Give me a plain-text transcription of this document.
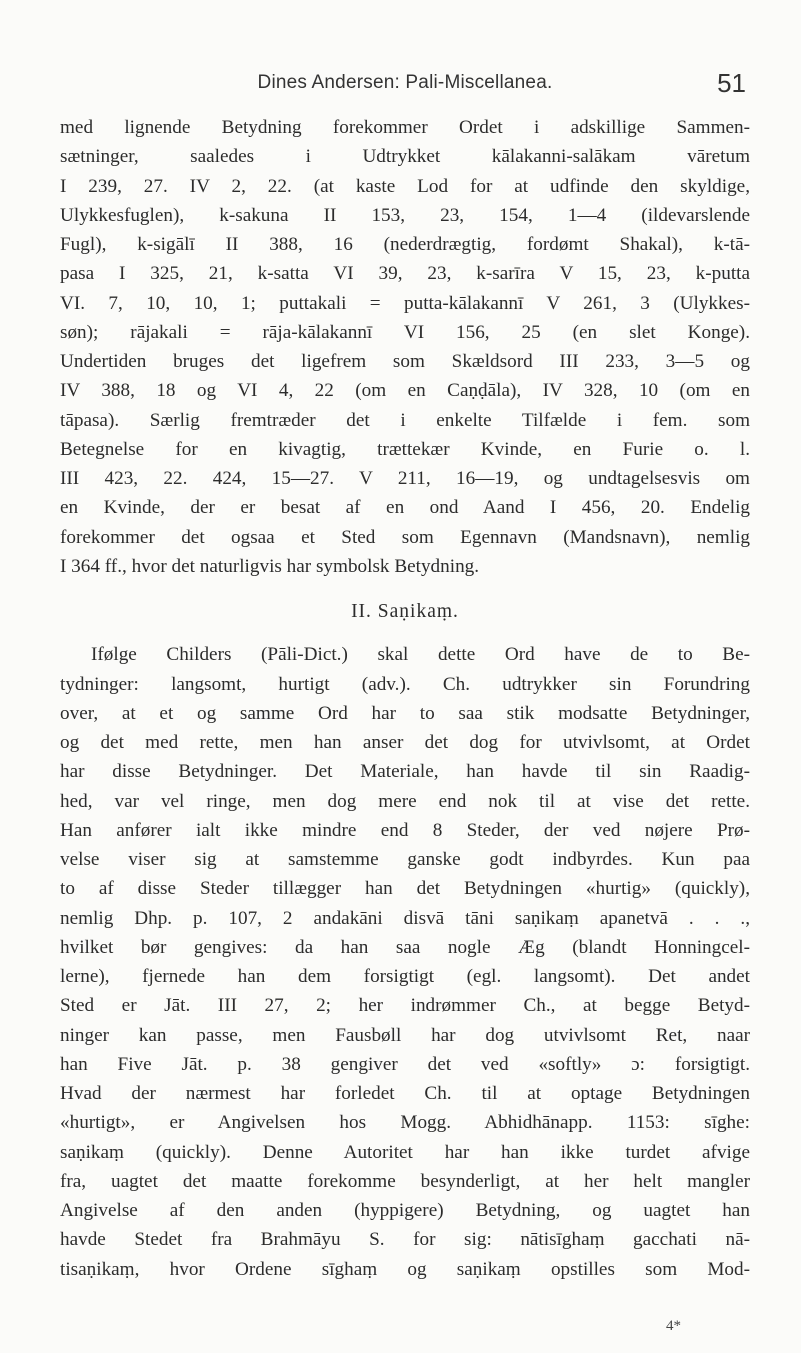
Dines Andersen: Pali-Miscellanea.	51
med lignende Betydning forekommer Ordet i adskillige Sammen-
sætninger, saaledes i Udtrykket kālakanni-salākam vāretum
I 239, 27. IV 2, 22. (at kaste Lod for at udfinde den skyldige,
Ulykkesfuglen), k-sakuna II 153, 23, 154, 1—4 (ildevarslende
Fugl), k-sigālī II 388, 16 (nederdrægtig, fordømt Shakal), k-tā-
pasa I 325, 21, k-satta VI 39, 23, k-sarīra V 15, 23, k-putta
VI. 7, 10, 10, 1; puttakali = putta-kālakannī V 261, 3 (Ulykkes-
søn); rājakali = rāja-kālakannī VI 156, 25 (en slet Konge).
Undertiden bruges det ligefrem som Skældsord III 233, 3—5 og
IV 388, 18 og VI 4, 22 (om en Caṇḍāla), IV 328, 10 (om en
tāpasa). Særlig fremtræder det i enkelte Tilfælde i fem. som
Betegnelse for en kivagtig, trættekær Kvinde, en Furie o. l.
III 423, 22. 424, 15—27. V 211, 16—19, og undtagelsesvis om
en Kvinde, der er besat af en ond Aand I 456, 20. Endelig
forekommer det ogsaa et Sted som Egennavn (Mandsnavn), nemlig
I 364 ff., hvor det naturligvis har symbolsk Betydning.
II. Saṇikaṃ.
Ifølge Childers (Pāli-Dict.) skal dette Ord have de to Be-
tydninger: langsomt, hurtigt (adv.). Ch. udtrykker sin Forundring
over, at et og samme Ord har to saa stik modsatte Betydninger,
og det med rette, men han anser det dog for utvivlsomt, at Ordet
har disse Betydninger. Det Materiale, han havde til sin Raadig-
hed, var vel ringe, men dog mere end nok til at vise det rette.
Han anfører ialt ikke mindre end 8 Steder, der ved nøjere Prø-
velse viser sig at samstemme ganske godt indbyrdes. Kun paa
to af disse Steder tillægger han det Betydningen «hurtig» (quickly),
nemlig Dhp. p. 107, 2 andakāni disvā tāni saṇikaṃ apanetvā . . .,
hvilket bør gengives: da han saa nogle Æg (blandt Honningcel-
lerne), fjernede han dem forsigtigt (egl. langsomt). Det andet
Sted er Jāt. III 27, 2; her indrømmer Ch., at begge Betyd-
ninger kan passe, men Fausbøll har dog utvivlsomt Ret, naar
han Five Jāt. p. 38 gengiver det ved «softly» ɔ: forsigtigt.
Hvad der nærmest har forledet Ch. til at optage Betydningen
«hurtigt», er Angivelsen hos Mogg. Abhidhānapp. 1153: sīghe:
saṇikaṃ (quickly). Denne Autoritet har han ikke turdet afvige
fra, uagtet det maatte forekomme besynderligt, at her helt mangler
Angivelse af den anden (hyppigere) Betydning, og uagtet han
havde Stedet fra Brahmāyu S. for sig: nātisīghaṃ gacchati nā-
tisaṇikaṃ, hvor Ordene sīghaṃ og saṇikaṃ opstilles som Mod-
4*
